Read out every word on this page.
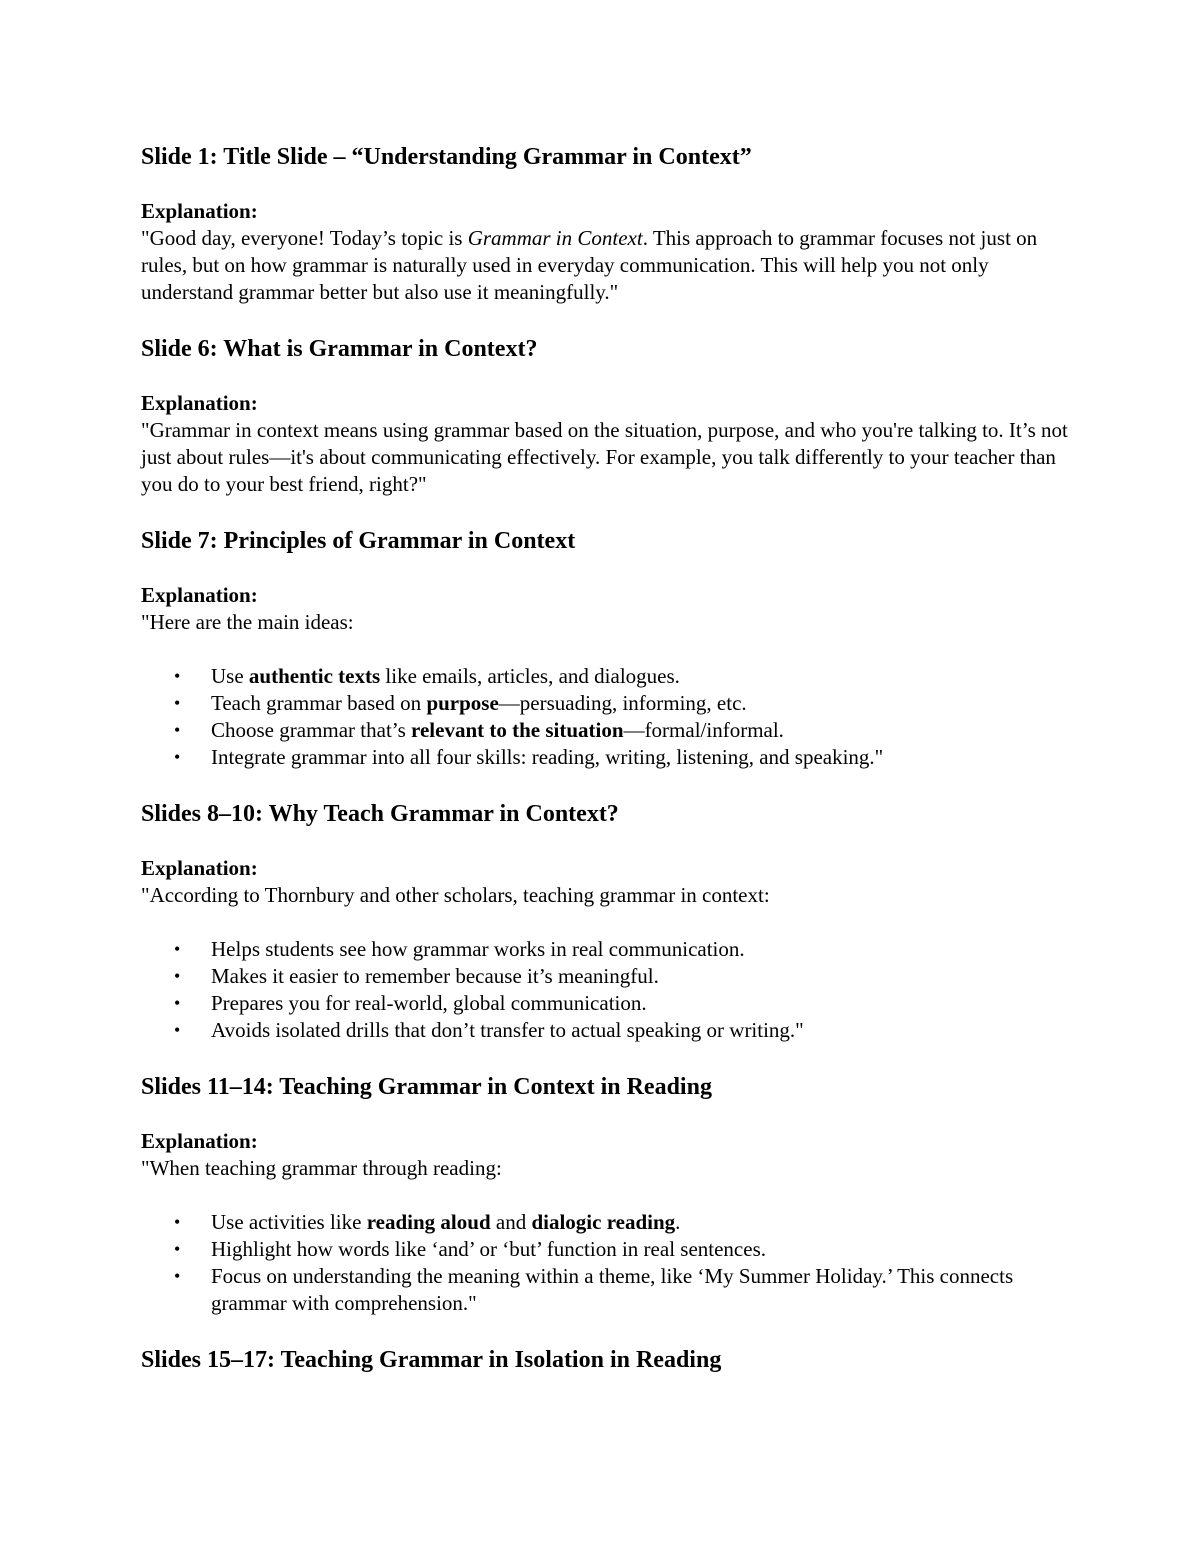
Slide 1: Title Slide – “Understanding Grammar in Context”

Explanation:

"Good day, everyone! Today’s topic is Grammar in Context. This approach to grammar focuses not just on rules, but on how grammar is naturally used in everyday communication. This will help you not only understand grammar better but also use it meaningfully."

Slide 6: What is Grammar in Context?

Explanation:

"Grammar in context means using grammar based on the situation, purpose, and who you're talking to. It’s not just about rules—it's about communicating effectively. For example, you talk differently to your teacher than you do to your best friend, right?"

Slide 7: Principles of Grammar in Context

Explanation:

"Here are the main ideas:

• Use authentic texts like emails, articles, and dialogues.
• Teach grammar based on purpose—persuading, informing, etc.
• Choose grammar that’s relevant to the situation—formal/informal.
• Integrate grammar into all four skills: reading, writing, listening, and speaking."

Slides 8–10: Why Teach Grammar in Context?

Explanation:

"According to Thornbury and other scholars, teaching grammar in context:

• Helps students see how grammar works in real communication.
• Makes it easier to remember because it’s meaningful.
• Prepares you for real-world, global communication.
• Avoids isolated drills that don’t transfer to actual speaking or writing."

Slides 11–14: Teaching Grammar in Context in Reading

Explanation:

"When teaching grammar through reading:

• Use activities like reading aloud and dialogic reading.
• Highlight how words like ‘and’ or ‘but’ function in real sentences.
• Focus on understanding the meaning within a theme, like ‘My Summer Holiday.’ This connects grammar with comprehension."

Slides 15–17: Teaching Grammar in Isolation in Reading
